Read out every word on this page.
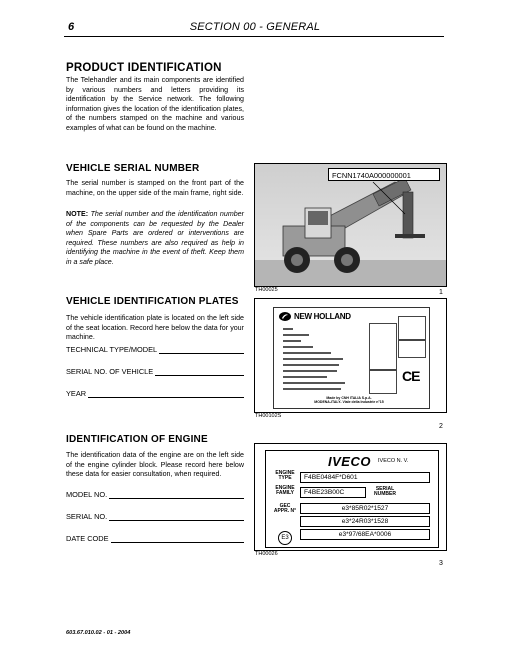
6	SECTION 00 - GENERAL
PRODUCT IDENTIFICATION
The Telehandler and its main components are identified by various numbers and letters providing its identification by the Service network. The following information gives the location of the identification plates, of the numbers stamped on the machine and various examples of what can be found on the machine.
VEHICLE SERIAL NUMBER
The serial number is stamped on the front part of the machine, on the upper side of the main frame, right side.
NOTE: The serial number and the identification number of the components can be requested by the Dealer when Spare Parts are ordered or interventions are required. These numbers are also required as help in identifying the machine in the event of theft. Keep them in a safe place.
VEHICLE IDENTIFICATION PLATES
The vehicle identification plate is located on the left side of the seat location. Record here below the data for your machine.
TECHNICAL TYPE/MODEL
SERIAL NO. OF VEHICLE
YEAR
IDENTIFICATION OF ENGINE
The identification data of the engine are on the left side of the engine cylinder block. Please record here below these data for easier consultation, when required.
MODEL NO.
SERIAL NO.
DATE CODE
FCNN1740A000000001
TH00025	1
NEW HOLLAND
CE
Made by CNH ITALIA S.p.A.
MODENA-ITALY- Viale della Industrie n°15
TH00102S
2
IVECO IVECO N. V.
ENGINE TYPE	F4BE0484F*D601
ENGINE FAMILY	F4BE23B00C	SERIAL NUMBER
GEC APPR. N°	e3*85R02*1527
e3*24R03*1528
e3*97/68EA*0006
E3
TH00026
3
603.67.010.02 - 01 - 2004
